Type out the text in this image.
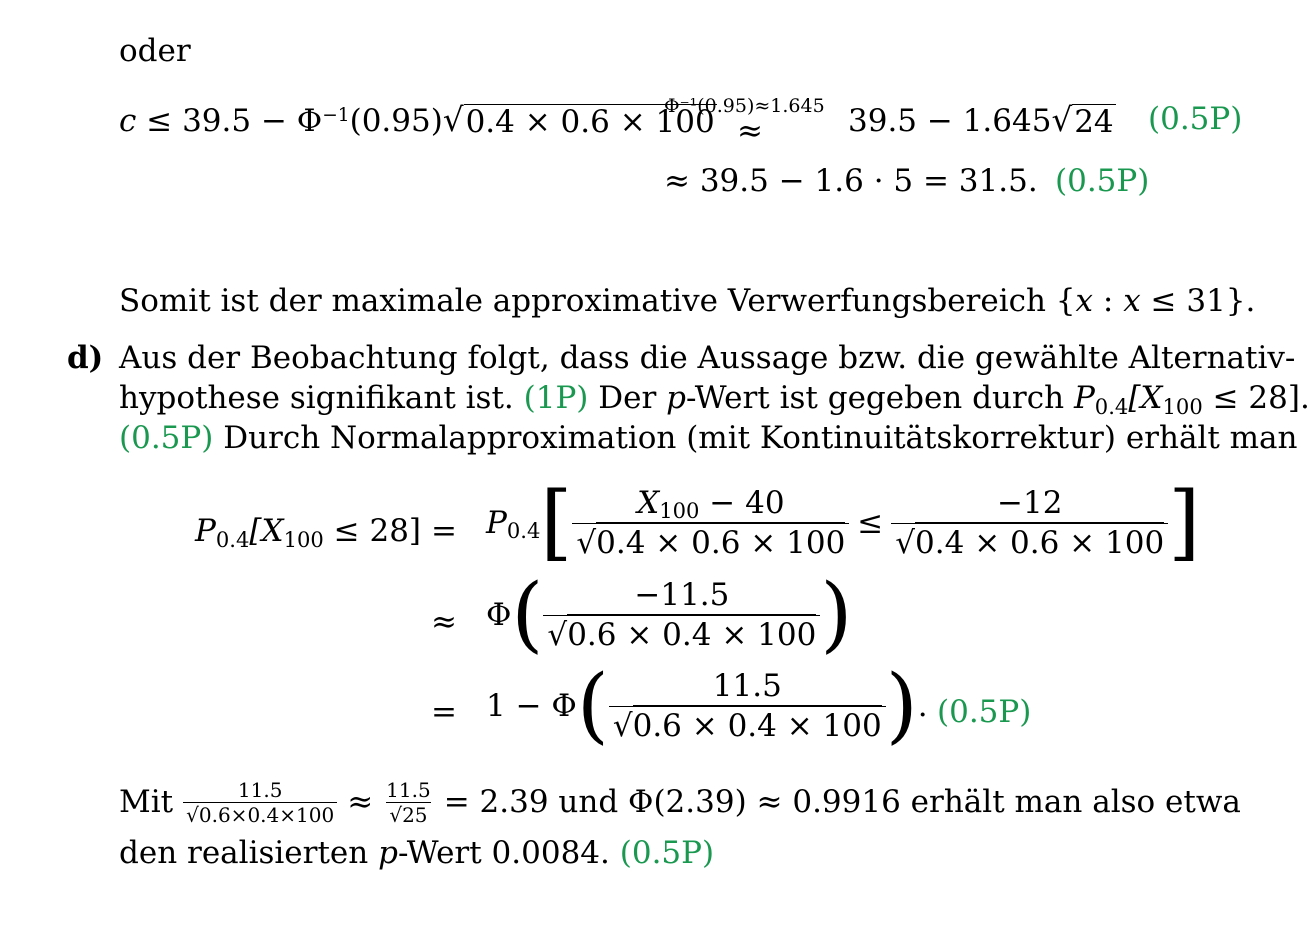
oder
$c \le 39.5 - \Phi^{-1}(0.95)$ √ 0.4 × 0.6 × 100
Φ⁻¹(0.95)≈1.645
≈	39.5 − 1.645 √ 24 (0.5P)
≈ 39.5 − 1.6 · 5 = 31.5. (0.5P)
Somit ist der maximale approximative Verwerfungsbereich {x : x ≤ 31}.
d) Aus der Beobachtung folgt, dass die Aussage bzw. die gewählte Alternativ-
hypothese signifikant ist. (1P) Der p-Wert ist gegeben durch P0.4[X100 ≤ 28].
(0.5P) Durch Normalapproximation (mit Kontinuitätskorrektur) erhält man
P0.4[X100 ≤ 28] = P 0.4 [ $\frac{X100 - 40}{√0.4 \times 0.6 \times 100} \le \frac{-12}{√0.4 \times 0.6 \times 100}$ ]
≈ Φ ( $\frac{-11.5}{√0.6 \times 0.4 \times 100}$ )
= 1 − Φ ( $\frac{11.5}{√0.6 \times 0.4 \times 100}$ ) . (0.5P)
Mit $\frac{11.5}{√0.6\times 0.4\times 100} \approx \frac{11.5}{√25} = 2.39$ und Φ(2.39) ≈ 0.9916 erhält man also etwa
den realisierten p-Wert 0.0084. (0.5P)
